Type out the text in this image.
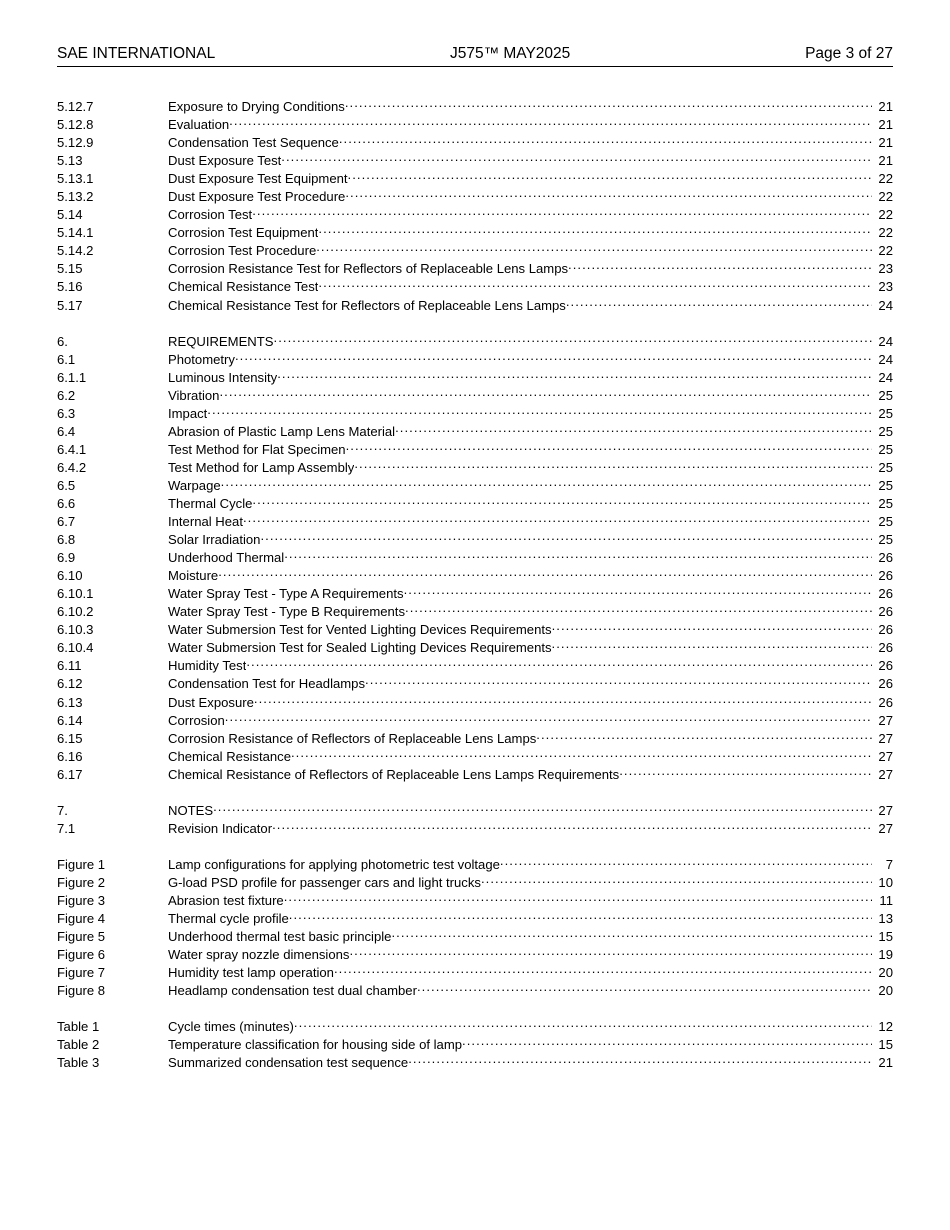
SAE INTERNATIONAL	J575™ MAY2025	Page 3 of 27
5.12.7	Exposure to Drying Conditions .....	21
5.12.8	Evaluation .....	21
5.12.9	Condensation Test Sequence .....	21
5.13	Dust Exposure Test .....	21
5.13.1	Dust Exposure Test Equipment .....	22
5.13.2	Dust Exposure Test Procedure .....	22
5.14	Corrosion Test .....	22
5.14.1	Corrosion Test Equipment .....	22
5.14.2	Corrosion Test Procedure .....	22
5.15	Corrosion Resistance Test for Reflectors of Replaceable Lens Lamps .....	23
5.16	Chemical Resistance Test .....	23
5.17	Chemical Resistance Test for Reflectors of Replaceable Lens Lamps .....	24
6.	REQUIREMENTS .....	24
6.1	Photometry .....	24
6.1.1	Luminous Intensity .....	24
6.2	Vibration .....	25
6.3	Impact .....	25
6.4	Abrasion of Plastic Lamp Lens Material .....	25
6.4.1	Test Method for Flat Specimen .....	25
6.4.2	Test Method for Lamp Assembly .....	25
6.5	Warpage .....	25
6.6	Thermal Cycle .....	25
6.7	Internal Heat .....	25
6.8	Solar Irradiation .....	25
6.9	Underhood Thermal .....	26
6.10	Moisture .....	26
6.10.1	Water Spray Test - Type A Requirements .....	26
6.10.2	Water Spray Test - Type B Requirements .....	26
6.10.3	Water Submersion Test for Vented Lighting Devices Requirements .....	26
6.10.4	Water Submersion Test for Sealed Lighting Devices Requirements .....	26
6.11	Humidity Test .....	26
6.12	Condensation Test for Headlamps .....	26
6.13	Dust Exposure .....	26
6.14	Corrosion .....	27
6.15	Corrosion Resistance of Reflectors of Replaceable Lens Lamps .....	27
6.16	Chemical Resistance .....	27
6.17	Chemical Resistance of Reflectors of Replaceable Lens Lamps Requirements .....	27
7.	NOTES .....	27
7.1	Revision Indicator .....	27
Figure 1	Lamp configurations for applying photometric test voltage .....	7
Figure 2	G-load PSD profile for passenger cars and light trucks .....	10
Figure 3	Abrasion test fixture .....	11
Figure 4	Thermal cycle profile .....	13
Figure 5	Underhood thermal test basic principle .....	15
Figure 6	Water spray nozzle dimensions .....	19
Figure 7	Humidity test lamp operation .....	20
Figure 8	Headlamp condensation test dual chamber .....	20
Table 1	Cycle times (minutes) .....	12
Table 2	Temperature classification for housing side of lamp .....	15
Table 3	Summarized condensation test sequence .....	21
